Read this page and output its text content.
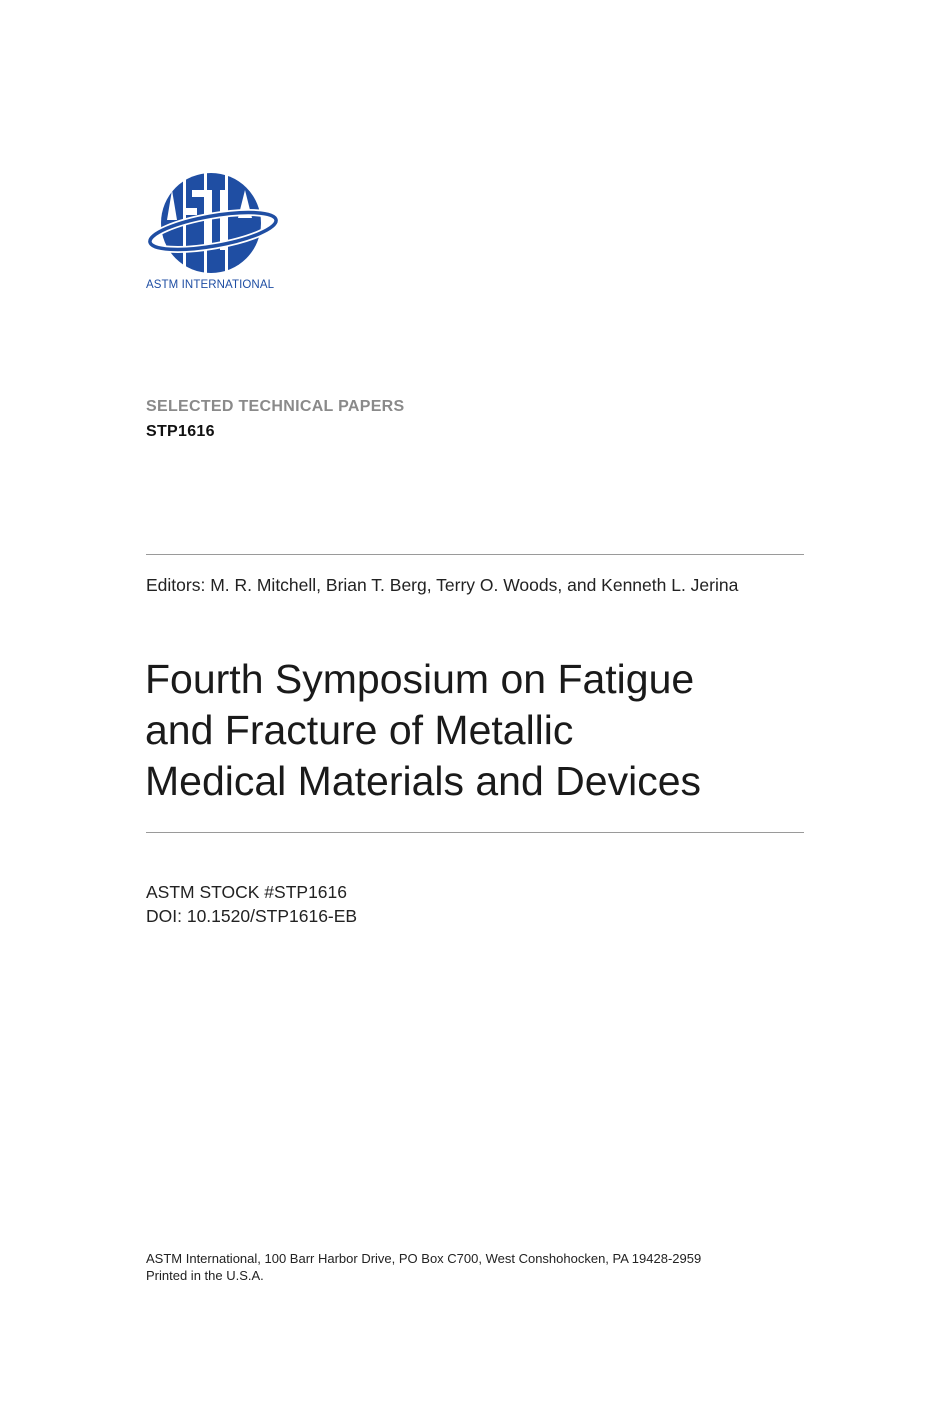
ASTM INTERNATIONAL
SELECTED TECHNICAL PAPERS
STP1616
Editors: M. R. Mitchell, Brian T. Berg, Terry O. Woods, and Kenneth L. Jerina
Fourth Symposium on Fatigue
and Fracture of Metallic
Medical Materials and Devices
ASTM STOCK #STP1616
DOI: 10.1520/STP1616-EB
ASTM International, 100 Barr Harbor Drive, PO Box C700, West Conshohocken, PA 19428-2959
Printed in the U.S.A.
